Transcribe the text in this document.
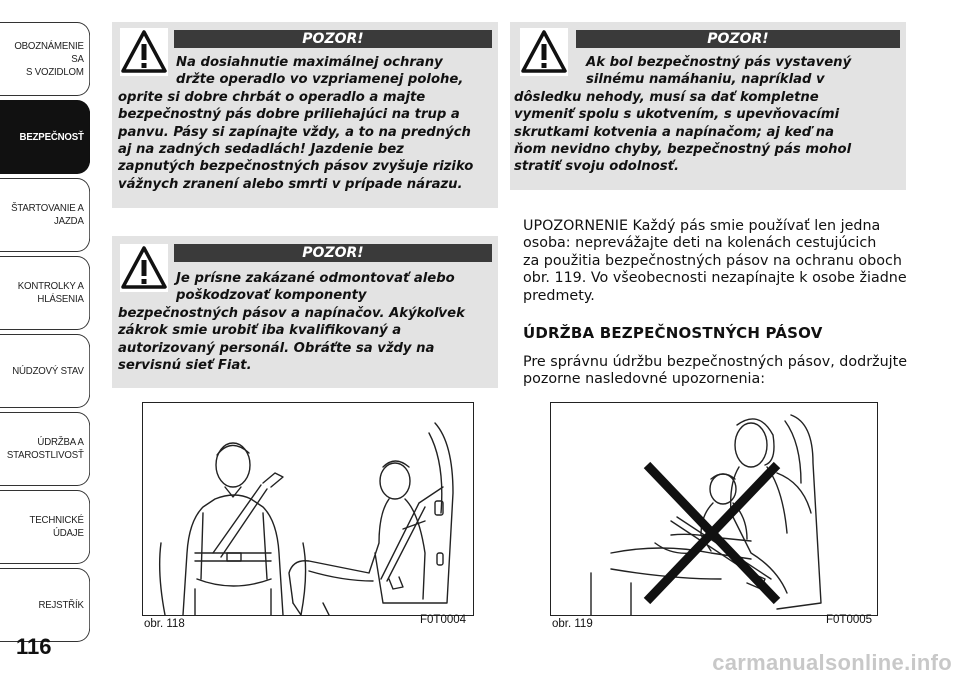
OBOZNÁMENIE SA
S VOZIDLOM
BEZPEČNOSŤ
ŠTARTOVANIE A
JAZDA
KONTROLKY A
HLÁSENIA
NÚDZOVÝ STAV
ÚDRŽBA A
STAROSTLIVOSŤ
TECHNICKÉ ÚDAJE
REJSTŘÍK
116
POZOR!
Na dosiahnutie maximálnej ochrany
držte operadlo vo vzpriamenej polohe,
oprite si dobre chrbát o operadlo a majte
bezpečnostný pás dobre priliehajúci na trup a
panvu. Pásy si zapínajte vždy, a to na predných
aj na zadných sedadlách! Jazdenie bez
zapnutých bezpečnostných pásov zvyšuje riziko
vážnych zranení alebo smrti v prípade nárazu.
POZOR!
Je prísne zakázané odmontovať alebo
poškodzovať komponenty
bezpečnostných pásov a napínačov. Akýkoľvek
zákrok smie urobiť iba kvalifikovaný a
autorizovaný personál. Obráťte sa vždy na
servisnú sieť Fiat.
POZOR!
Ak bol bezpečnostný pás vystavený
silnému namáhaniu, napríklad v
dôsledku nehody, musí sa dať kompletne
vymeniť spolu s ukotvením, s upevňovacími
skrutkami kotvenia a napínačom; aj keď na
ňom nevidno chyby, bezpečnostný pás mohol
stratiť svoju odolnosť.
UPOZORNENIE Každý pás smie používať len jedna
osoba: neprevážajte deti na kolenách cestujúcich
za použitia bezpečnostných pásov na ochranu oboch
obr. 119. Vo všeobecnosti nezapínajte k osobe žiadne
predmety.
ÚDRŽBA BEZPEČNOSTNÝCH PÁSOV
Pre správnu údržbu bezpečnostných pásov, dodržujte
pozorne nasledovné upozornenia:
obr. 118	F0T0004	obr. 119	F0T0005
carmanualsonline.info
